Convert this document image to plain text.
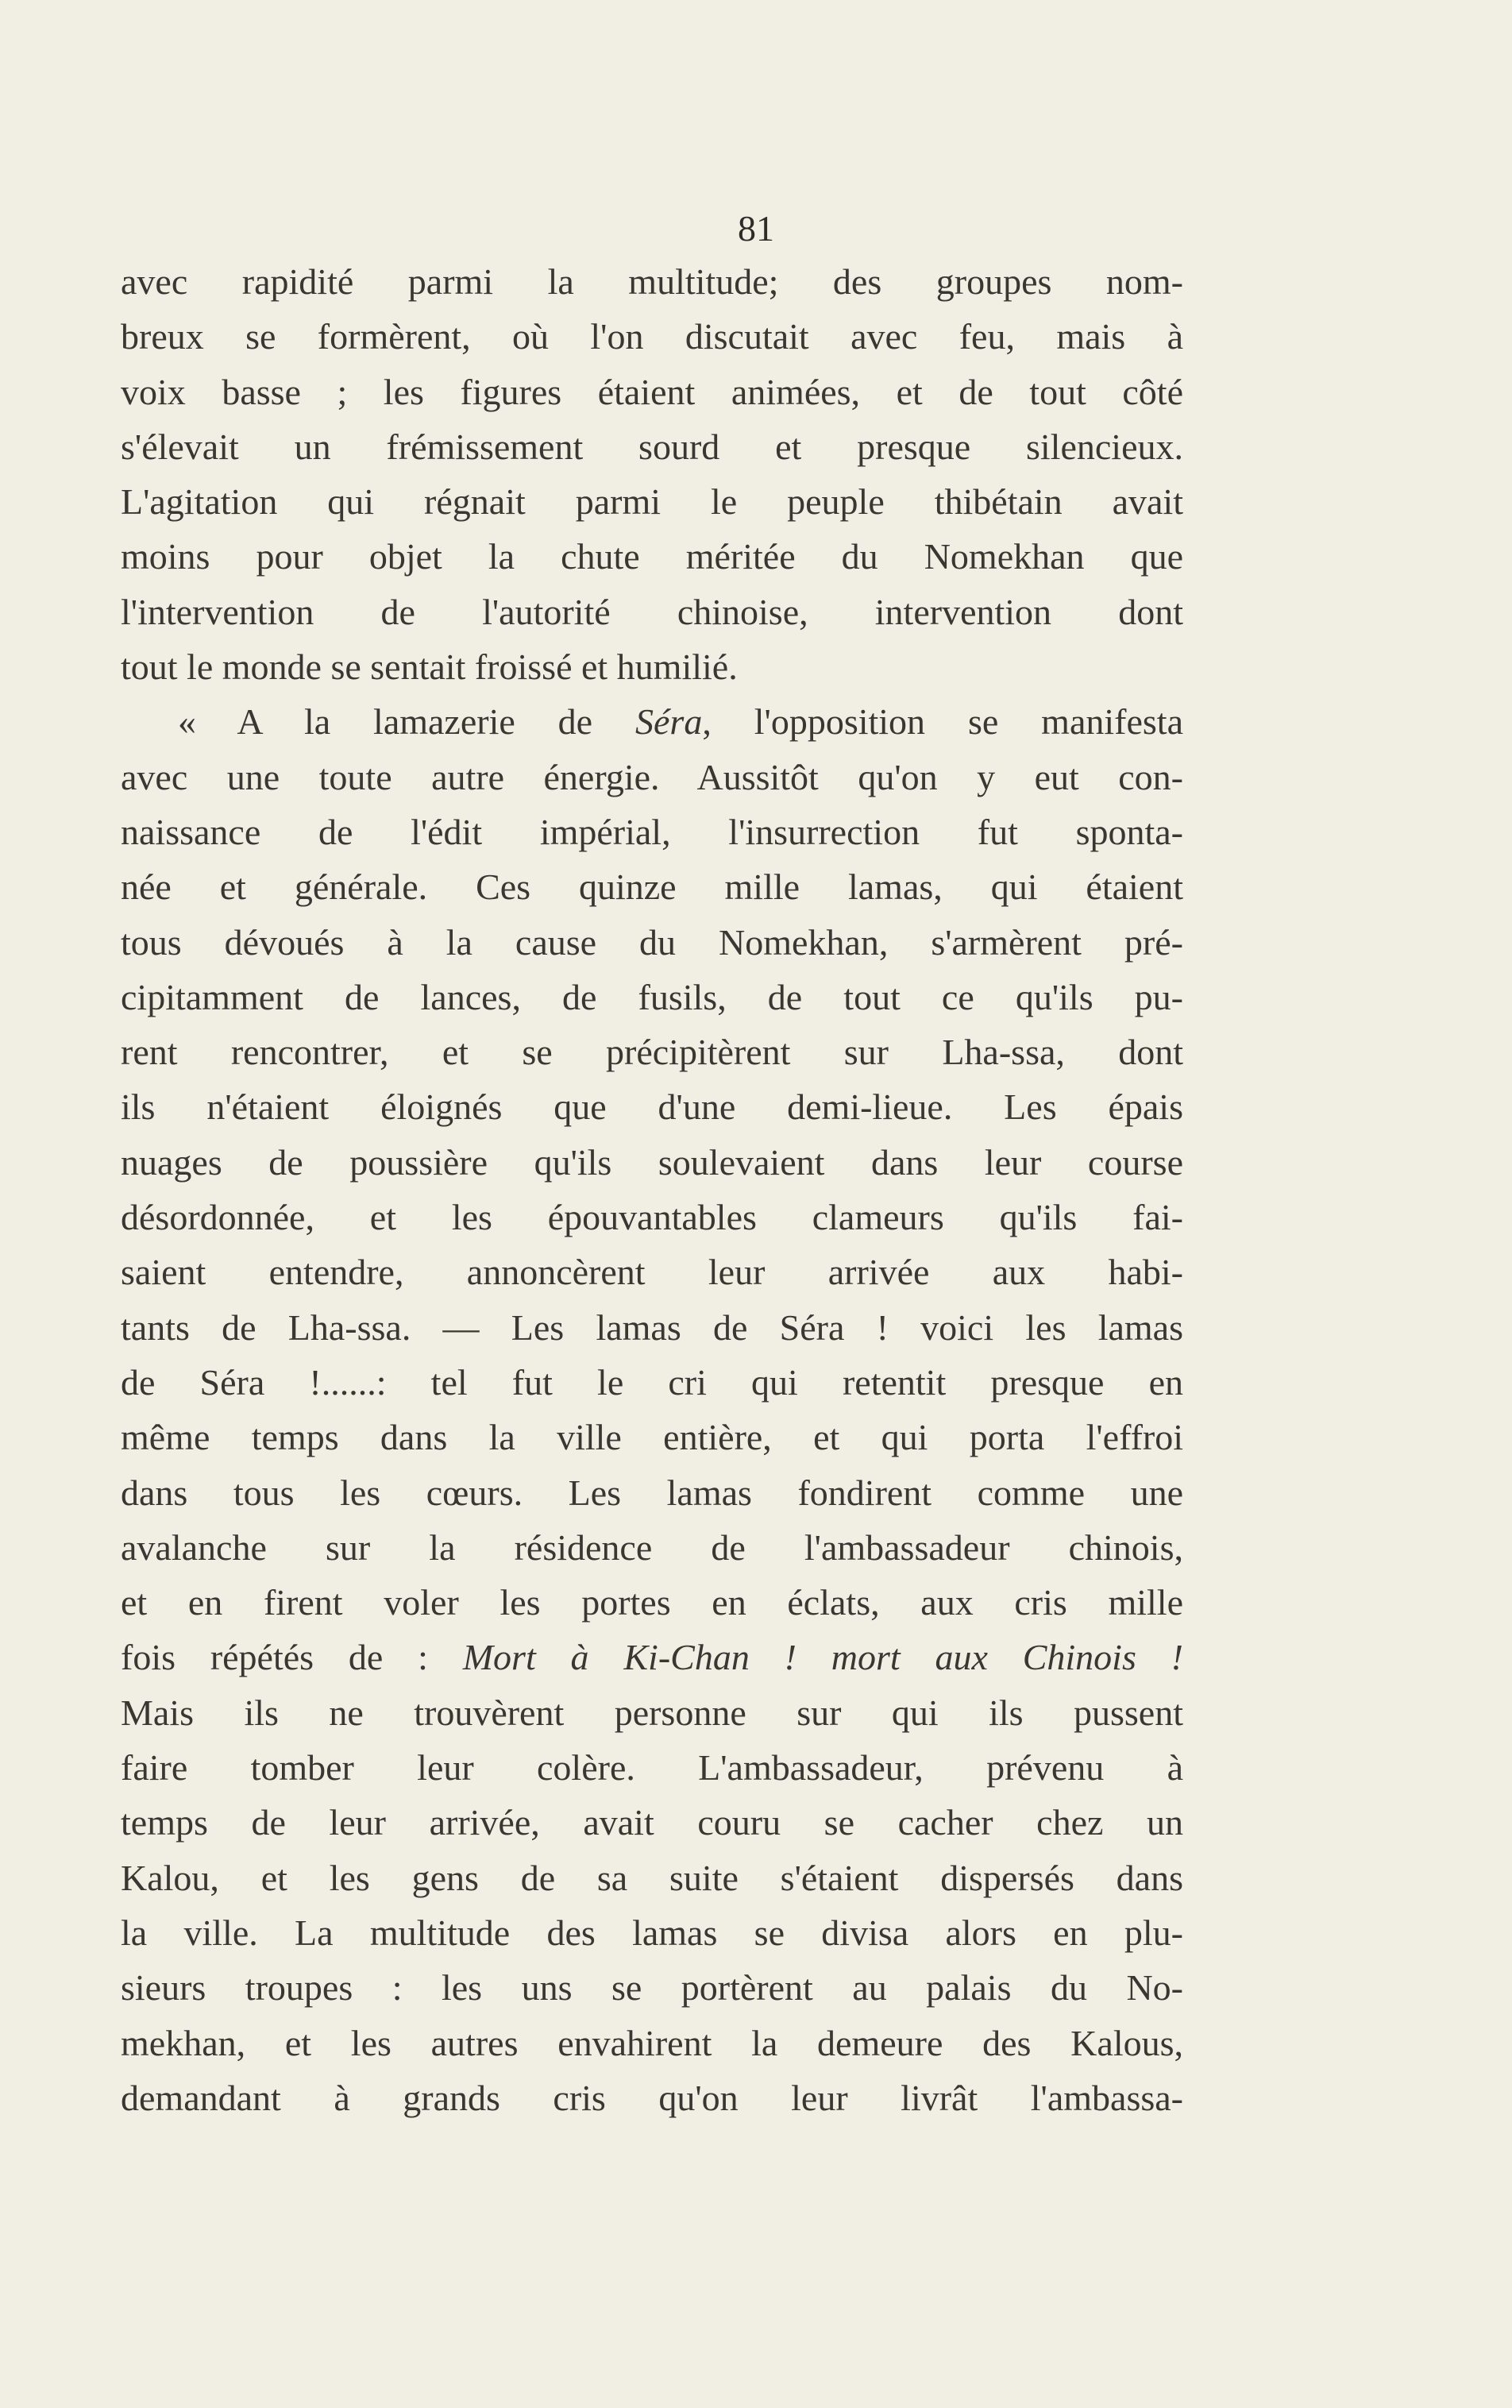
81
avec rapidité parmi la multitude; des groupes nom-
breux se formèrent, où l'on discutait avec feu, mais à
voix basse ; les figures étaient animées, et de tout côté
s'élevait un frémissement sourd et presque silencieux.
L'agitation qui régnait parmi le peuple thibétain avait
moins pour objet la chute méritée du Nomekhan que
l'intervention de l'autorité chinoise, intervention dont
tout le monde se sentait froissé et humilié.
« A la lamazerie de Séra, l'opposition se manifesta
avec une toute autre énergie. Aussitôt qu'on y eut con-
naissance de l'édit impérial, l'insurrection fut sponta-
née et générale. Ces quinze mille lamas, qui étaient
tous dévoués à la cause du Nomekhan, s'armèrent pré-
cipitamment de lances, de fusils, de tout ce qu'ils pu-
rent rencontrer, et se précipitèrent sur Lha-ssa, dont
ils n'étaient éloignés que d'une demi-lieue. Les épais
nuages de poussière qu'ils soulevaient dans leur course
désordonnée, et les épouvantables clameurs qu'ils fai-
saient entendre, annoncèrent leur arrivée aux habi-
tants de Lha-ssa. — Les lamas de Séra ! voici les lamas
de Séra !......: tel fut le cri qui retentit presque en
même temps dans la ville entière, et qui porta l'effroi
dans tous les cœurs. Les lamas fondirent comme une
avalanche sur la résidence de l'ambassadeur chinois,
et en firent voler les portes en éclats, aux cris mille
fois répétés de : Mort à Ki-Chan ! mort aux Chinois !
Mais ils ne trouvèrent personne sur qui ils pussent
faire tomber leur colère. L'ambassadeur, prévenu à
temps de leur arrivée, avait couru se cacher chez un
Kalou, et les gens de sa suite s'étaient dispersés dans
la ville. La multitude des lamas se divisa alors en plu-
sieurs troupes : les uns se portèrent au palais du No-
mekhan, et les autres envahirent la demeure des Kalous,
demandant à grands cris qu'on leur livrât l'ambassa-
